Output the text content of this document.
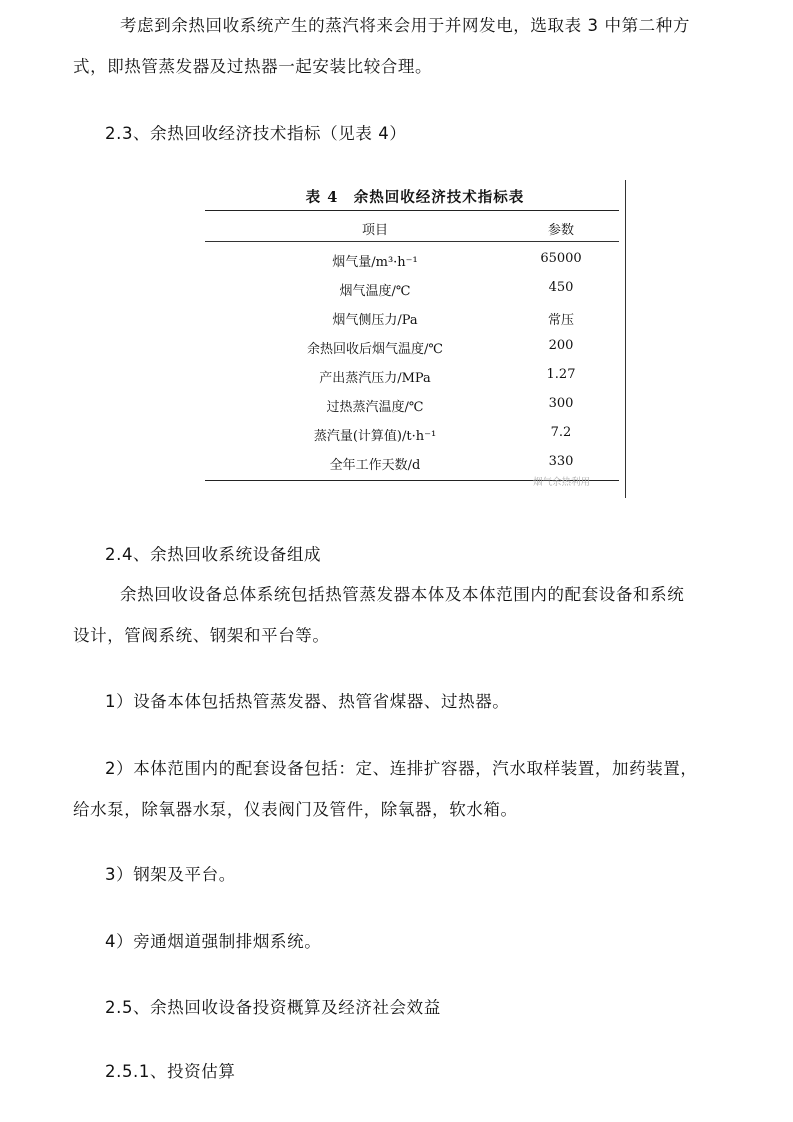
考虑到余热回收系统产生的蒸汽将来会用于并网发电，选取表 3 中第二种方
式，即热管蒸发器及过热器一起安装比较合理。
2.3、余热回收经济技术指标（见表 4）
表 4　余热回收经济技术指标表
项目	参数
烟气量/m³·h⁻¹	65000
烟气温度/℃	450
烟气侧压力/Pa	常压
余热回收后烟气温度/℃	200
产出蒸汽压力/MPa	1.27
过热蒸汽温度/℃	300
蒸汽量(计算值)/t·h⁻¹	7.2
全年工作天数/d	330
烟气余热利用
2.4、余热回收系统设备组成
余热回收设备总体系统包括热管蒸发器本体及本体范围内的配套设备和系统
设计，管阀系统、钢架和平台等。
1）设备本体包括热管蒸发器、热管省煤器、过热器。
2）本体范围内的配套设备包括：定、连排扩容器，汽水取样装置，加药装置，
给水泵，除氧器水泵，仪表阀门及管件，除氧器，软水箱。
3）钢架及平台。
4）旁通烟道强制排烟系统。
2.5、余热回收设备投资概算及经济社会效益
2.5.1、投资估算
